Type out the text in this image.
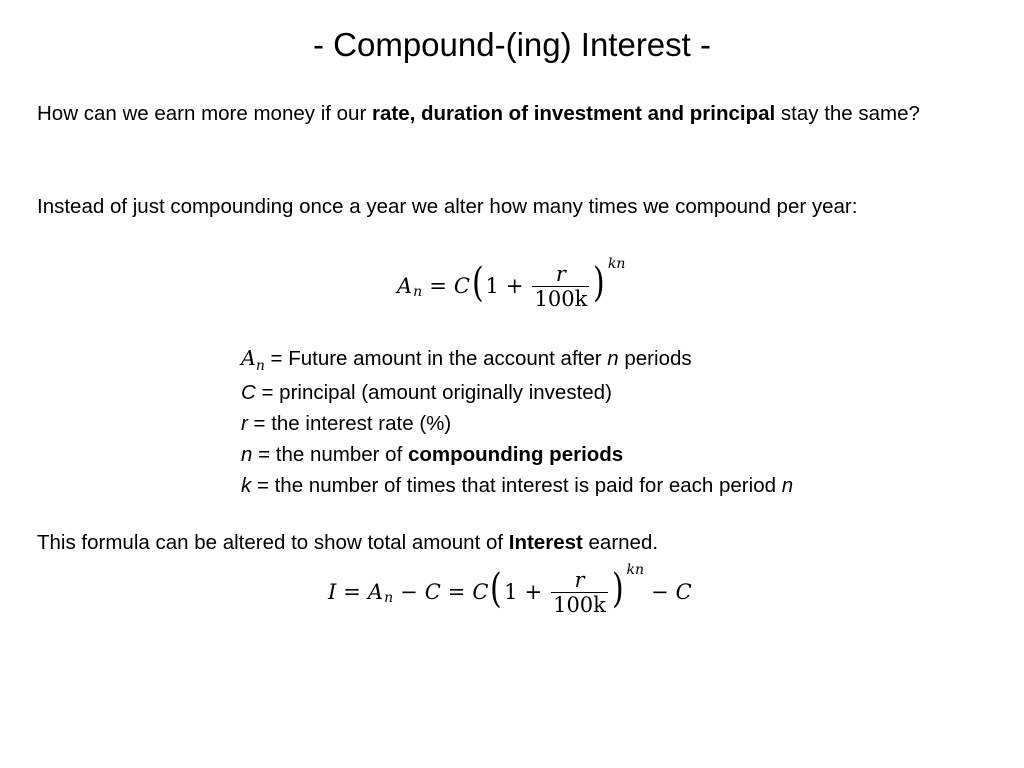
- Compound-(ing) Interest -
How can we earn more money if our rate, duration of investment and principal stay the same?
Instead of just compounding once a year we alter how many times we compound per year:
A n = C ( $1 + \frac{r}{100k}$ ) kn
$A_n$ = Future amount in the account after n periods
C = principal (amount originally invested)
r = the interest rate (%)
n = the number of compounding periods
k = the number of times that interest is paid for each period n
This formula can be altered to show total amount of Interest earned.
I = A n − C = C ( $1 + \frac{r}{100k}$ ) kn
− C
